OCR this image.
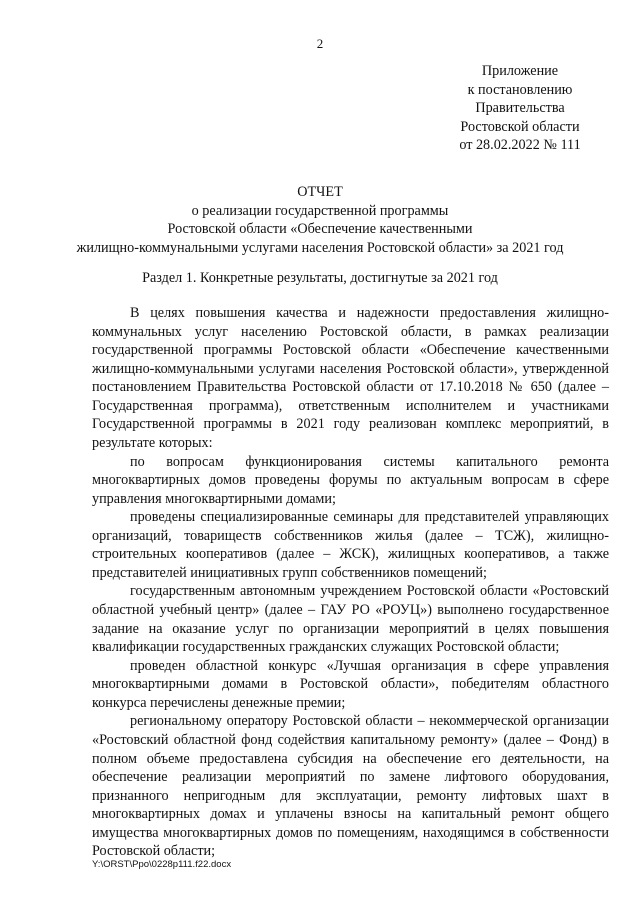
2
Приложение
к постановлению
Правительства
Ростовской области
от 28.02.2022 № 111
ОТЧЕТ
о реализации государственной программы
Ростовской области «Обеспечение качественными
жилищно-коммунальными услугами населения Ростовской области» за 2021 год
Раздел 1. Конкретные результаты, достигнутые за 2021 год

В целях повышения качества и надежности предоставления жилищно-коммунальных услуг населению Ростовской области, в рамках реализации государственной программы Ростовской области «Обеспечение качественными жилищно-коммунальными услугами населения Ростовской области», утвержденной постановлением Правительства Ростовской области от 17.10.2018 № 650 (далее – Государственная программа), ответственным исполнителем и участниками Государственной программы в 2021 году реализован комплекс мероприятий, в результате которых:

по вопросам функционирования системы капитального ремонта многоквартирных домов проведены форумы по актуальным вопросам в сфере управления многоквартирными домами;

проведены специализированные семинары для представителей управляющих организаций, товариществ собственников жилья (далее – ТСЖ), жилищно-строительных кооперативов (далее – ЖСК), жилищных кооперативов, а также представителей инициативных групп собственников помещений;

государственным автономным учреждением Ростовской области «Ростовский областной учебный центр» (далее – ГАУ РО «РОУЦ») выполнено государственное задание на оказание услуг по организации мероприятий в целях повышения квалификации государственных гражданских служащих Ростовской области;

проведен областной конкурс «Лучшая организация в сфере управления многоквартирными домами в Ростовской области», победителям областного конкурса перечислены денежные премии;

региональному оператору Ростовской области – некоммерческой организации «Ростовский областной фонд содействия капитальному ремонту» (далее – Фонд) в полном объеме предоставлена субсидия на обеспечение его деятельности, на обеспечение реализации мероприятий по замене лифтового оборудования, признанного непригодным для эксплуатации, ремонту лифтовых шахт в многоквартирных домах и уплачены взносы на капитальный ремонт общего имущества многоквартирных домов по помещениям, находящимся в собственности Ростовской области;

Y:\ORST\Ppo\0228p111.f22.docx
